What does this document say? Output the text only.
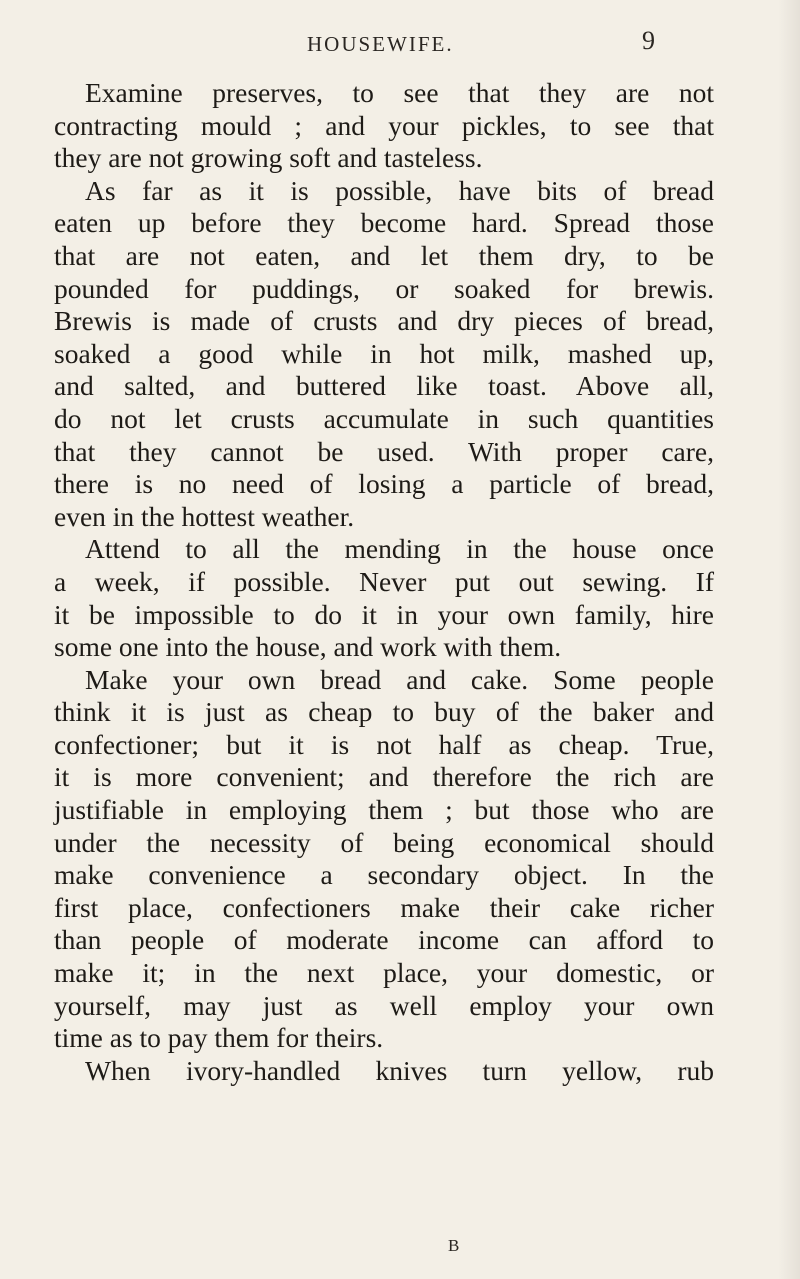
HOUSEWIFE.	9
Examine preserves, to see that they are not
contracting mould ; and your pickles, to see that
they are not growing soft and tasteless.
As far as it is possible, have bits of bread
eaten up before they become hard. Spread those
that are not eaten, and let them dry, to be
pounded for puddings, or soaked for brewis.
Brewis is made of crusts and dry pieces of bread,
soaked a good while in hot milk, mashed up,
and salted, and buttered like toast. Above all,
do not let crusts accumulate in such quantities
that they cannot be used. With proper care,
there is no need of losing a particle of bread,
even in the hottest weather.
Attend to all the mending in the house once
a week, if possible. Never put out sewing. If
it be impossible to do it in your own family, hire
some one into the house, and work with them.
Make your own bread and cake. Some people
think it is just as cheap to buy of the baker and
confectioner; but it is not half as cheap. True,
it is more convenient; and therefore the rich are
justifiable in employing them ; but those who are
under the necessity of being economical should
make convenience a secondary object. In the
first place, confectioners make their cake richer
than people of moderate income can afford to
make it; in the next place, your domestic, or
yourself, may just as well employ your own
time as to pay them for theirs.
When ivory-handled knives turn yellow, rub
B
